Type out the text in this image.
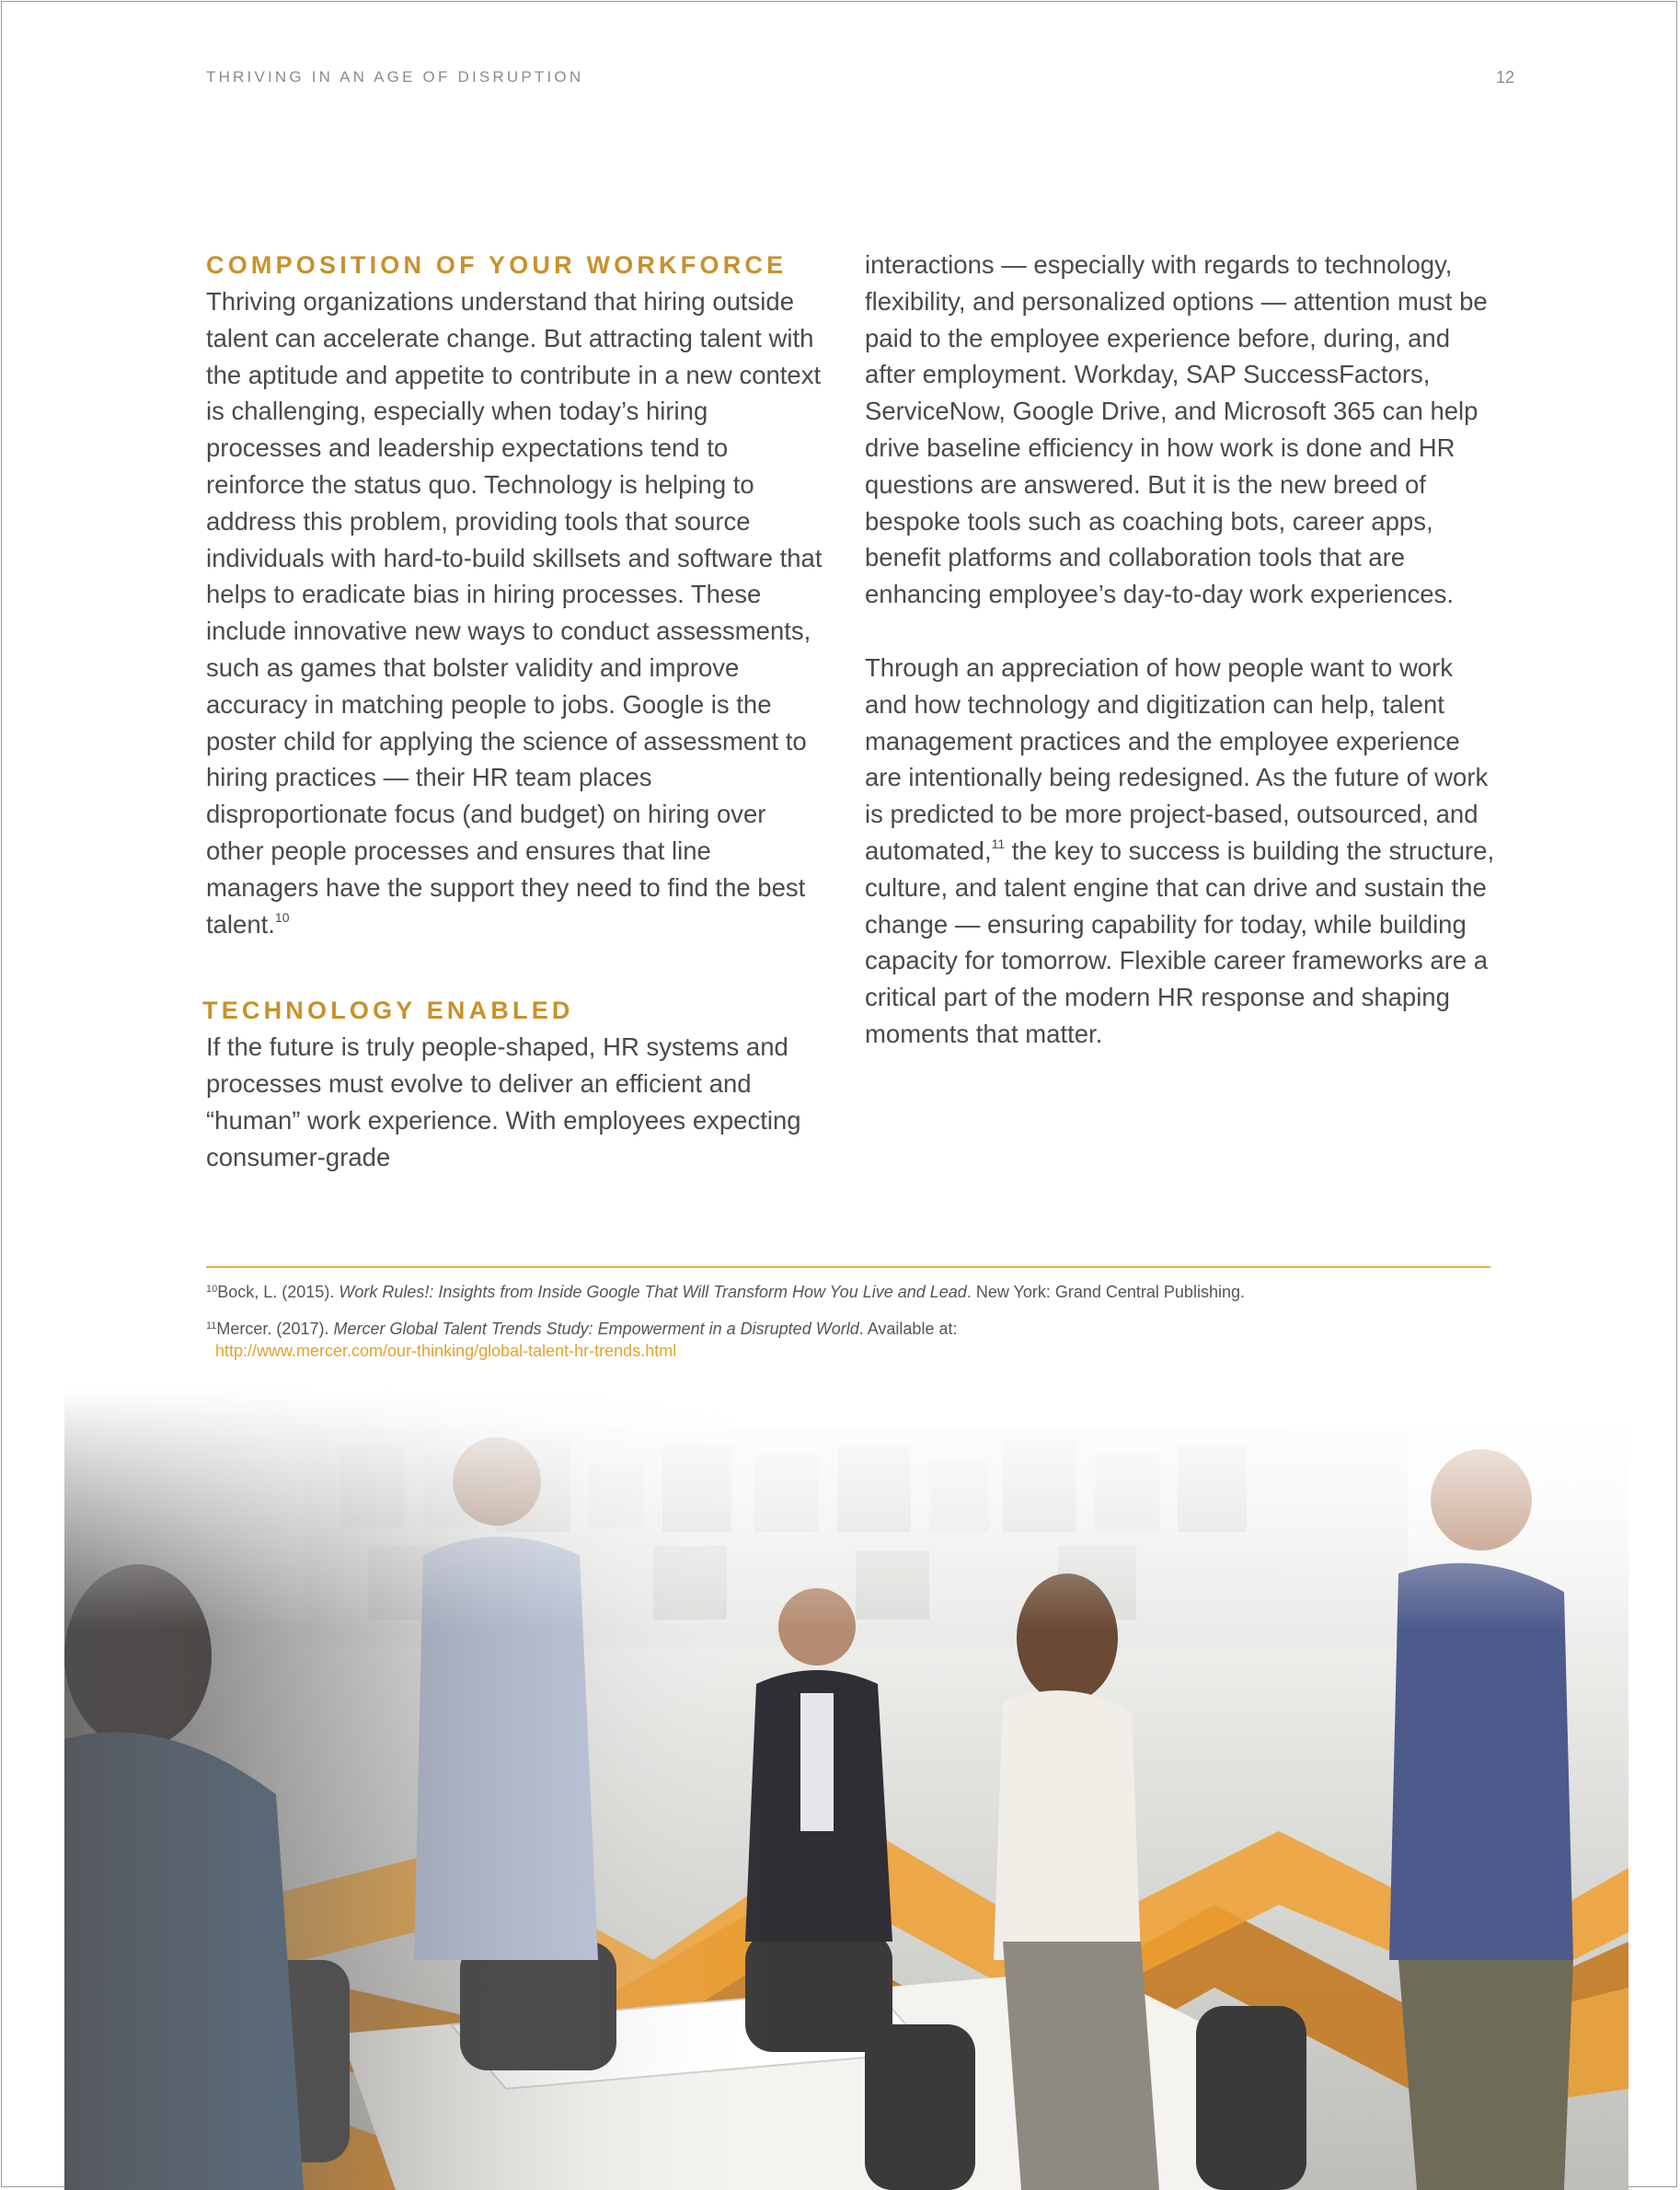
THRIVING IN AN AGE OF DISRUPTION	12
COMPOSITION OF YOUR WORKFORCE

Thriving organizations understand that hiring outside talent can accelerate change. But attracting talent with the aptitude and appetite to contribute in a new context is challenging, especially when today’s hiring processes and leadership expectations tend to reinforce the status quo. Technology is helping to address this problem, providing tools that source individuals with hard-to-build skillsets and software that helps to eradicate bias in hiring processes. These include innovative new ways to conduct assessments, such as games that bolster validity and improve accuracy in matching people to jobs. Google is the poster child for applying the science of assessment to hiring practices — their HR team places disproportionate focus (and budget) on hiring over other people processes and ensures that line managers have the support they need to find the best talent.$^{10}$

TECHNOLOGY ENABLED

If the future is truly people-shaped, HR systems and processes must evolve to deliver an efficient and “human” work experience. With employees expecting consumer-grade

interactions — especially with regards to technology, flexibility, and personalized options — attention must be paid to the employee experience before, during, and after employment. Workday, SAP SuccessFactors, ServiceNow, Google Drive, and Microsoft 365 can help drive baseline efficiency in how work is done and HR questions are answered. But it is the new breed of bespoke tools such as coaching bots, career apps, benefit platforms and collaboration tools that are enhancing employee’s day-to-day work experiences.

Through an appreciation of how people want to work and how technology and digitization can help, talent management practices and the employee experience are intentionally being redesigned. As the future of work is predicted to be more project-based, outsourced, and automated,$^{11}$ the key to success is building the structure, culture, and talent engine that can drive and sustain the change — ensuring capability for today, while building capacity for tomorrow. Flexible career frameworks are a critical part of the modern HR response and shaping moments that matter.

$^{10}$Bock, L. (2015). Work Rules!: Insights from Inside Google That Will Transform How You Live and Lead. New York: Grand Central Publishing.
$^{11}$Mercer. (2017). Mercer Global Talent Trends Study: Empowerment in a Disrupted World. Available at:
http://www.mercer.com/our-thinking/global-talent-hr-trends.html
